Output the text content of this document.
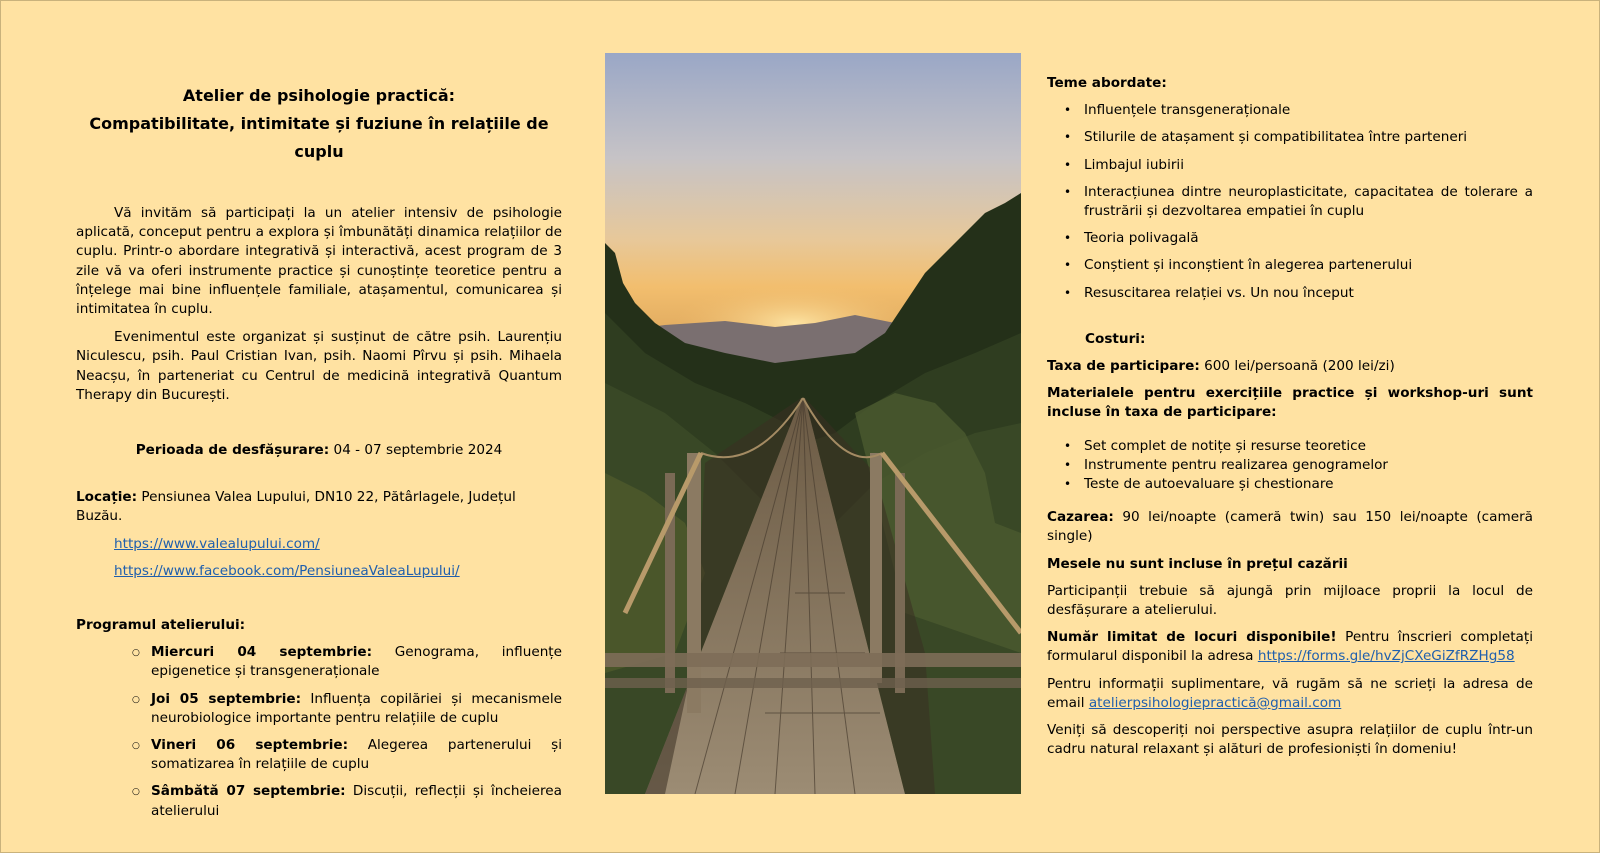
Atelier de psihologie practică:

Compatibilitate, intimitate și fuziune în relațiile de cuplu

Vă invităm să participați la un atelier intensiv de psihologie aplicată, conceput pentru a explora și îmbunătăți dinamica relațiilor de cuplu. Printr-o abordare integrativă și interactivă, acest program de 3 zile vă va oferi instrumente practice și cunoștințe teoretice pentru a înțelege mai bine influențele familiale, atașamentul, comunicarea și intimitatea în cuplu.

Evenimentul este organizat și susținut de către psih. Laurențiu Niculescu, psih. Paul Cristian Ivan, psih. Naomi Pîrvu și psih. Mihaela Neacșu, în parteneriat cu Centrul de medicină integrativă Quantum Therapy din București.

Perioada de desfășurare: 04 - 07 septembrie 2024

Locație: Pensiunea Valea Lupului, DN10 22, Pătârlagele, Județul Buzău.

https://www.valealupului.com/
https://www.facebook.com/PensiuneaValeaLupului/
Programul atelierului:
○ Miercuri 04 septembrie: Genograma, influențe epigenetice și transgeneraționale
○ Joi 05 septembrie: Influența copilăriei și mecanismele neurobiologice importante pentru relațiile de cuplu
○ Vineri 06 septembrie: Alegerea partenerului și somatizarea în relațiile de cuplu
○ Sâmbătă 07 septembrie: Discuții, reflecții și încheierea atelierului

Teme abordate:

• Influențele transgeneraționale
• Stilurile de atașament și compatibilitatea între parteneri
• Limbajul iubirii
• Interacțiunea dintre neuroplasticitate, capacitatea de tolerare a frustrării și dezvoltarea empatiei în cuplu
• Teoria polivagală
• Conștient și inconștient în alegerea partenerului
• Resuscitarea relației vs. Un nou început

Costuri:

Taxa de participare: 600 lei/persoană (200 lei/zi)

Materialele pentru exercițiile practice și workshop-uri sunt incluse în taxa de participare:

• Set complet de notițe și resurse teoretice
• Instrumente pentru realizarea genogramelor
• Teste de autoevaluare și chestionare

Cazarea: 90 lei/noapte (cameră twin) sau 150 lei/noapte (cameră single)

Mesele nu sunt incluse în prețul cazării

Participanții trebuie să ajungă prin mijloace proprii la locul de desfășurare a atelierului.

Număr limitat de locuri disponibile! Pentru înscrieri completați formularul disponibil la adresa https://forms.gle/hvZjCXeGiZfRZHg58

Pentru informații suplimentare, vă rugăm să ne scrieți la adresa de email atelierpsihologiepractică@gmail.com

Veniți să descoperiți noi perspective asupra relațiilor de cuplu într-un cadru natural relaxant și alături de profesioniști în domeniu!
